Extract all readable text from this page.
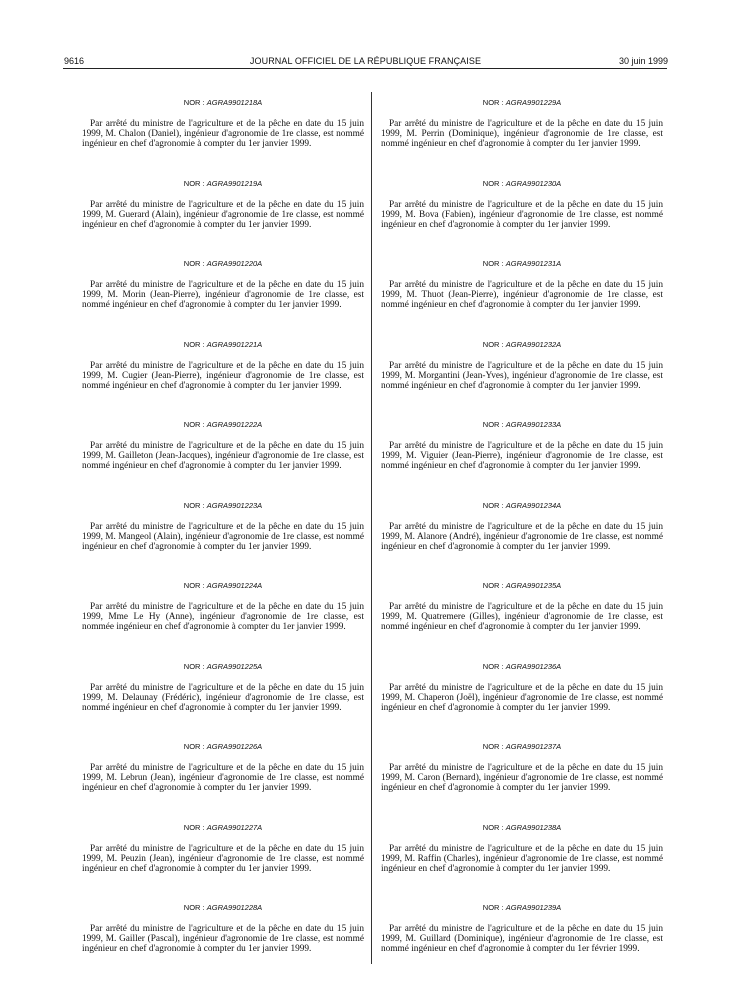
9616	JOURNAL OFFICIEL DE LA RÉPUBLIQUE FRANÇAISE	30 juin 1999
NOR : AGRA9901218A
Par arrêté du ministre de l'agriculture et de la pêche en date du 15 juin 1999, M. Chalon (Daniel), ingénieur d'agronomie de 1re classe, est nommé ingénieur en chef d'agronomie à compter du 1er janvier 1999.
NOR : AGRA9901219A
Par arrêté du ministre de l'agriculture et de la pêche en date du 15 juin 1999, M. Guerard (Alain), ingénieur d'agronomie de 1re classe, est nommé ingénieur en chef d'agronomie à compter du 1er janvier 1999.
NOR : AGRA9901220A
Par arrêté du ministre de l'agriculture et de la pêche en date du 15 juin 1999, M. Morin (Jean-Pierre), ingénieur d'agronomie de 1re classe, est nommé ingénieur en chef d'agronomie à compter du 1er janvier 1999.
NOR : AGRA9901221A
Par arrêté du ministre de l'agriculture et de la pêche en date du 15 juin 1999, M. Cugier (Jean-Pierre), ingénieur d'agronomie de 1re classe, est nommé ingénieur en chef d'agronomie à compter du 1er janvier 1999.
NOR : AGRA9901222A
Par arrêté du ministre de l'agriculture et de la pêche en date du 15 juin 1999, M. Gailleton (Jean-Jacques), ingénieur d'agronomie de 1re classe, est nommé ingénieur en chef d'agronomie à compter du 1er janvier 1999.
NOR : AGRA9901223A
Par arrêté du ministre de l'agriculture et de la pêche en date du 15 juin 1999, M. Mangeol (Alain), ingénieur d'agronomie de 1re classe, est nommé ingénieur en chef d'agronomie à compter du 1er janvier 1999.
NOR : AGRA9901224A
Par arrêté du ministre de l'agriculture et de la pêche en date du 15 juin 1999, Mme Le Hy (Anne), ingénieur d'agronomie de 1re classe, est nommée ingénieur en chef d'agronomie à compter du 1er janvier 1999.
NOR : AGRA9901225A
Par arrêté du ministre de l'agriculture et de la pêche en date du 15 juin 1999, M. Delaunay (Frédéric), ingénieur d'agronomie de 1re classe, est nommé ingénieur en chef d'agronomie à compter du 1er janvier 1999.
NOR : AGRA9901226A
Par arrêté du ministre de l'agriculture et de la pêche en date du 15 juin 1999, M. Lebrun (Jean), ingénieur d'agronomie de 1re classe, est nommé ingénieur en chef d'agronomie à compter du 1er janvier 1999.
NOR : AGRA9901227A
Par arrêté du ministre de l'agriculture et de la pêche en date du 15 juin 1999, M. Peuzin (Jean), ingénieur d'agronomie de 1re classe, est nommé ingénieur en chef d'agronomie à compter du 1er janvier 1999.
NOR : AGRA9901228A
Par arrêté du ministre de l'agriculture et de la pêche en date du 15 juin 1999, M. Gailler (Pascal), ingénieur d'agronomie de 1re classe, est nommé ingénieur en chef d'agronomie à compter du 1er janvier 1999.
NOR : AGRA9901229A
Par arrêté du ministre de l'agriculture et de la pêche en date du 15 juin 1999, M. Perrin (Dominique), ingénieur d'agronomie de 1re classe, est nommé ingénieur en chef d'agronomie à compter du 1er janvier 1999.
NOR : AGRA9901230A
Par arrêté du ministre de l'agriculture et de la pêche en date du 15 juin 1999, M. Bova (Fabien), ingénieur d'agronomie de 1re classe, est nommé ingénieur en chef d'agronomie à compter du 1er janvier 1999.
NOR : AGRA9901231A
Par arrêté du ministre de l'agriculture et de la pêche en date du 15 juin 1999, M. Thuot (Jean-Pierre), ingénieur d'agronomie de 1re classe, est nommé ingénieur en chef d'agronomie à compter du 1er janvier 1999.
NOR : AGRA9901232A
Par arrêté du ministre de l'agriculture et de la pêche en date du 15 juin 1999, M. Morgantini (Jean-Yves), ingénieur d'agronomie de 1re classe, est nommé ingénieur en chef d'agronomie à compter du 1er janvier 1999.
NOR : AGRA9901233A
Par arrêté du ministre de l'agriculture et de la pêche en date du 15 juin 1999, M. Viguier (Jean-Pierre), ingénieur d'agronomie de 1re classe, est nommé ingénieur en chef d'agronomie à compter du 1er janvier 1999.
NOR : AGRA9901234A
Par arrêté du ministre de l'agriculture et de la pêche en date du 15 juin 1999, M. Alanore (André), ingénieur d'agronomie de 1re classe, est nommé ingénieur en chef d'agronomie à compter du 1er janvier 1999.
NOR : AGRA9901235A
Par arrêté du ministre de l'agriculture et de la pêche en date du 15 juin 1999, M. Quatremere (Gilles), ingénieur d'agronomie de 1re classe, est nommé ingénieur en chef d'agronomie à compter du 1er janvier 1999.
NOR : AGRA9901236A
Par arrêté du ministre de l'agriculture et de la pêche en date du 15 juin 1999, M. Chaperon (Joël), ingénieur d'agronomie de 1re classe, est nommé ingénieur en chef d'agronomie à compter du 1er janvier 1999.
NOR : AGRA9901237A
Par arrêté du ministre de l'agriculture et de la pêche en date du 15 juin 1999, M. Caron (Bernard), ingénieur d'agronomie de 1re classe, est nommé ingénieur en chef d'agronomie à compter du 1er janvier 1999.
NOR : AGRA9901238A
Par arrêté du ministre de l'agriculture et de la pêche en date du 15 juin 1999, M. Raffin (Charles), ingénieur d'agronomie de 1re classe, est nommé ingénieur en chef d'agronomie à compter du 1er janvier 1999.
NOR : AGRA9901239A
Par arrêté du ministre de l'agriculture et de la pêche en date du 15 juin 1999, M. Guillard (Dominique), ingénieur d'agronomie de 1re classe, est nommé ingénieur en chef d'agronomie à compter du 1er février 1999.
